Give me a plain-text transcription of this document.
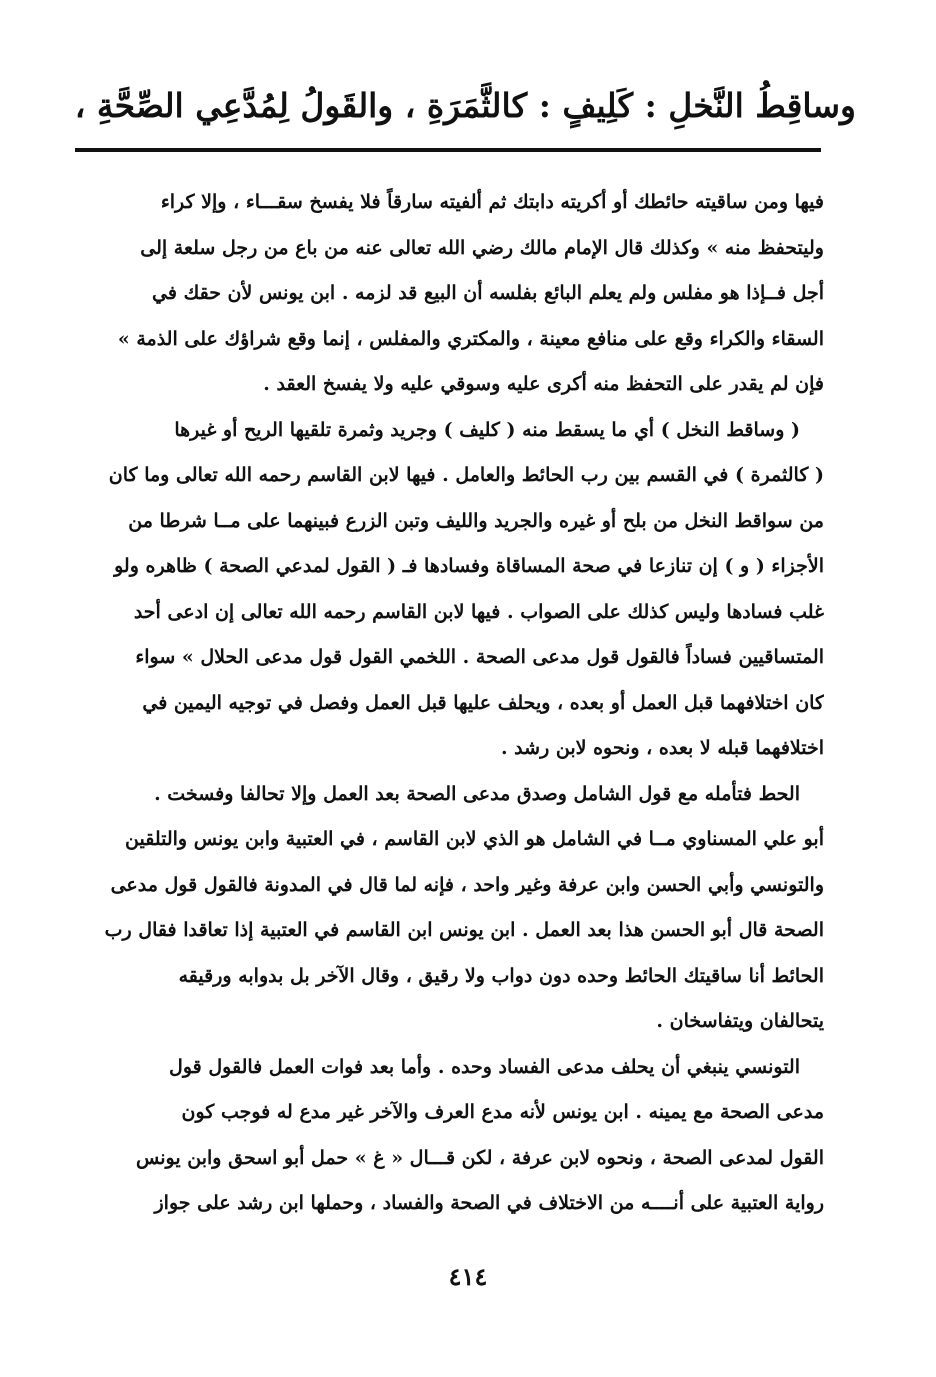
وساقِطُ النَّخلِ : كَلِيفٍ : كالثَّمَرَةِ ، والقَولُ لِمُدَّعِي الصِّحَّةِ ،
فيها ومن ساقيته حائطك أو أكريته دابتك ثم ألفيته سارقاً فلا يفسخ سقـــاء ، وإلا كراء
وليتحفظ منه » وكذلك قال الإمام مالك رضي الله تعالى عنه من باع من رجل سلعة إلى
أجل فــإذا هو مفلس ولم يعلم البائع بفلسه أن البيع قد لزمه . ابن يونس لأن حقك في
السقاء والكراء وقع على منافع معينة ، والمكتري والمفلس ، إنما وقع شراؤك على الذمة »
فإن لم يقدر على التحفظ منه أكرى عليه وسوقي عليه ولا يفسخ العقد .
( وساقط النخل ) أي ما يسقط منه ( كليف ) وجريد وثمرة تلقيها الريح أو غيرها
( كالثمرة ) في القسم بين رب الحائط والعامل . فيها لابن القاسم رحمه الله تعالى وما كان
من سواقط النخل من بلح أو غيره والجريد والليف وتبن الزرع فبينهما على مــا شرطا من
الأجزاء ( و ) إن تنازعا في صحة المساقاة وفسادها فـ ( القول لمدعي الصحة ) ظاهره ولو
غلب فسادها وليس كذلك على الصواب . فيها لابن القاسم رحمه الله تعالى إن ادعى أحد
المتساقيين فساداً فالقول قول مدعى الصحة . اللخمي القول قول مدعى الحلال » سواء
كان اختلافهما قبل العمل أو بعده ، ويحلف عليها قبل العمل وفصل في توجيه اليمين في
اختلافهما قبله لا بعده ، ونحوه لابن رشد .
الحط فتأمله مع قول الشامل وصدق مدعى الصحة بعد العمل وإلا تحالفا وفسخت .
أبو علي المسناوي مــا في الشامل هو الذي لابن القاسم ، في العتبية وابن يونس والتلقين
والتونسي وأبي الحسن وابن عرفة وغير واحد ، فإنه لما قال في المدونة فالقول قول مدعى
الصحة قال أبو الحسن هذا بعد العمل . ابن يونس ابن القاسم في العتبية إذا تعاقدا فقال رب
الحائط أنا ساقيتك الحائط وحده دون دواب ولا رقيق ، وقال الآخر بل بدوابه ورقيقه
يتحالفان ويتفاسخان .
التونسي ينبغي أن يحلف مدعى الفساد وحده . وأما بعد فوات العمل فالقول قول
مدعى الصحة مع يمينه . ابن يونس لأنه مدع العرف والآخر غير مدع له فوجب كون
القول لمدعى الصحة ، ونحوه لابن عرفة ، لكن قـــال « غ » حمل أبو اسحق وابن يونس
رواية العتبية على أنــــه من الاختلاف في الصحة والفساد ، وحملها ابن رشد على جواز
٤١٤
